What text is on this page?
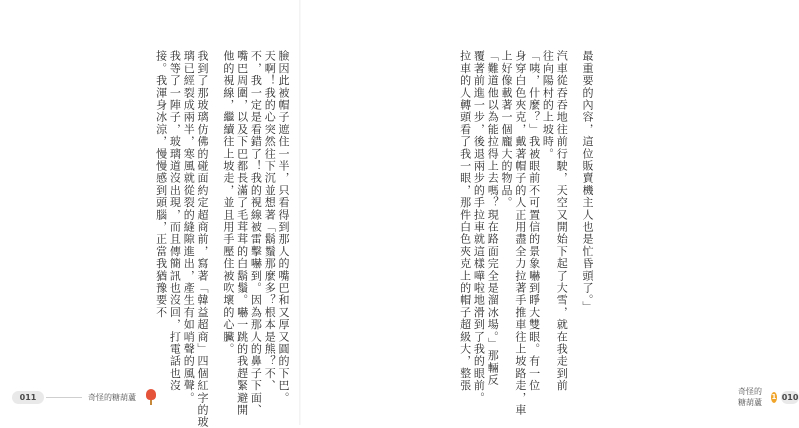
臉因此被帽子遮住一半，只看得到那人的嘴巴和又厚又圓的下巴。
天啊！我的心突然往下沉並想著「鬍鬚那麼多？根本是熊？不、
不，我一定是看錯了！我的視線被雷擊嚇到。因為那人的鼻子下面、
嘴巴周圍，以及下巴都長滿了毛茸茸的白鬍鬚。嚇一跳的我趕緊避開
他的視線，繼續往上坡走，並且用手壓住被吹壞的心臟。
我到了那玻璃仿佛的碰面約定超商前，寫著「韓益超商」四個紅字的玻
璃已經裂成兩半，寒風就從裂的縫隙進出，產生有如哨聲的風聲。
我等了一陣子，玻璃道沒出現，而且傳簡訊也沒回，打電話也沒
接。我渾身冰涼，慢慢感到頭腦，正當我猶豫要不
011	奇怪的糖葫蘆
最重要的內容，這位販賣機主人也是忙昏頭了。」
汽車從吞吞地往前行駛，天空又開始下起了大雪，就在我走到前
往向陽村的上坡時。
「咦，什麼？」我被眼前不可置信的景象嚇到睜大雙眼。有一位
身穿白色夾克，戴著帽子的人正用盡全力拉著手推車往上坡路走，車
上好像載著一個龐大的物品。
「難道他以為能拉得上去嗎？現在路面完全是溜冰場。」那輛反
覆著前進一步，後退兩步的手拉車就這樣嘩啦地滑到了我的眼前。
拉車的人轉頭看了我一眼，那件白色夾克上的帽子超級大，整張	奇怪的糖葫蘆
1 010
